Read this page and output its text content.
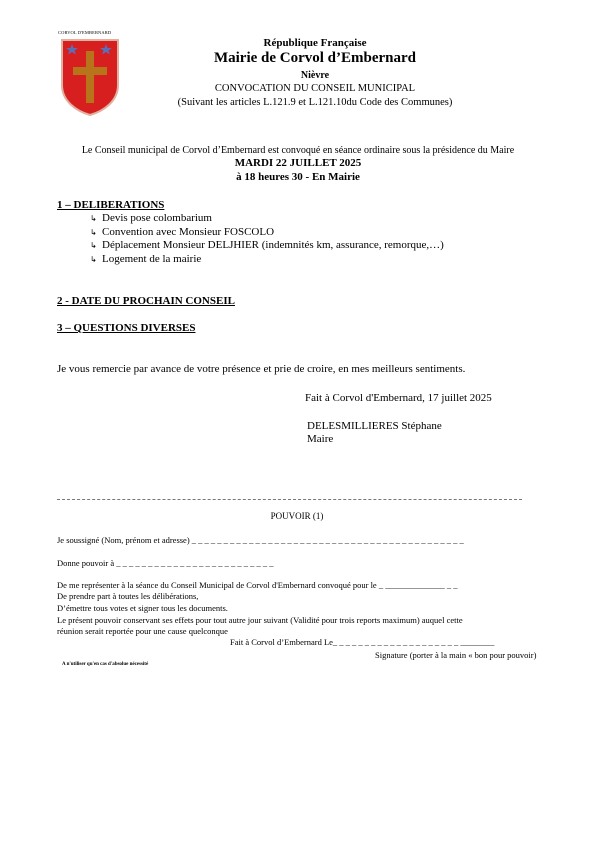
CORVOL D'EMBERNARD
République Française
Mairie de Corvol d’Embernard
Nièvre
CONVOCATION DU CONSEIL MUNICIPAL
(Suivant les articles L.121.9 et L.121.10du Code des Communes)
Le Conseil municipal de Corvol d’Embernard est convoqué en séance ordinaire sous la présidence du Maire
MARDI 22 JUILLET 2025
à 18 heures 30 - En Mairie
1 – DELIBERATIONS
↳ Devis pose colombarium
↳ Convention avec Monsieur FOSCOLO
↳ Déplacement Monsieur DELJHIER (indemnités km, assurance, remorque,…)
↳ Logement de la mairie
2 - DATE DU PROCHAIN CONSEIL
3 – QUESTIONS DIVERSES
Je vous remercie par avance de votre présence et prie de croire, en mes meilleurs sentiments.
Fait à Corvol d'Embernard, 17 juillet 2025
DELESMILLIERES Stéphane
Maire
POUVOIR (1)
Je soussigné (Nom, prénom et adresse) _ _ _ _ _ _ _ _ _ _ _ _ _ _ _ _ _ _ _ _ _ _ _ _ _ _ _ _ _ _ _ _ _ _ _ _ _ _ _ _ _ _ _
Donne pouvoir à _ _ _ _ _ _ _ _ _ _ _ _ _ _ _ _ _ _ _ _ _ _ _ _ _
De me représenter à la séance du Conseil Municipal de Corvol d'Embernard convoqué pour le _ ______________ _ _
De prendre part à toutes les délibérations,
D’émettre tous votes et signer tous les documents.
Le présent pouvoir conservant ses effets pour tout autre jour suivant (Validité pour trois reports maximum) auquel cette
réunion serait reportée pour une cause quelconque
Fait à Corvol d’Embernard Le_ _ _ _ _ _ _ _ _ _ _ _ _ _ _ _ _ _ _ _ ________
Signature (porter à la main « bon pour pouvoir)
A n'utiliser qu'en cas d'absolue nécessité
